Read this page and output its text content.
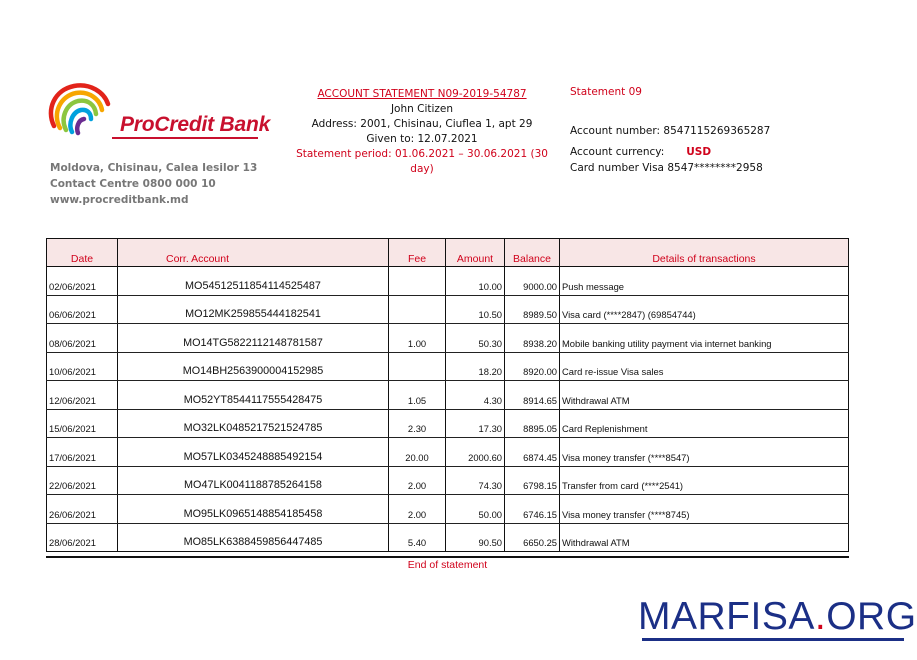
ProCredit Bank
Moldova, Chisinau, Calea Iesilor 13
Contact Centre 0800 000 10
www.procreditbank.md
ACCOUNT STATEMENT N09-2019-54787
John Citizen
Address: 2001, Chisinau, Ciuflea 1, apt 29
Given to: 12.07.2021
Statement period: 01.06.2021 – 30.06.2021 (30 day)
Statement 09
Account number: 8547115269365287
Account currency: USD
Card number Visa 8547********2958
Date	Corr. Account	Fee	Amount	Balance	Details of transactions
02/06/2021	MO54512511854114525487		10.00	9000.00	Push message
06/06/2021	MO12MK259855444182541		10.50	8989.50	Visa card (****2847) (69854744)
08/06/2021	MO14TG5822112148781587	1.00	50.30	8938.20	Mobile banking utility payment via internet banking
10/06/2021	MO14BH2563900004152985		18.20	8920.00	Card re-issue Visa sales
12/06/2021	MO52YT8544117555428475	1.05	4.30	8914.65	Withdrawal ATM
15/06/2021	MO32LK0485217521524785	2.30	17.30	8895.05	Card Replenishment
17/06/2021	MO57LK0345248885492154	20.00	2000.60	6874.45	Visa money transfer (****8547)
22/06/2021	MO47LK0041188785264158	2.00	74.30	6798.15	Transfer from card (****2541)
26/06/2021	MO95LK0965148854185458	2.00	50.00	6746.15	Visa money transfer (****8745)
28/06/2021	MO85LK6388459856447485	5.40	90.50	6650.25	Withdrawal ATM
End of statement
MARFISA.ORG
